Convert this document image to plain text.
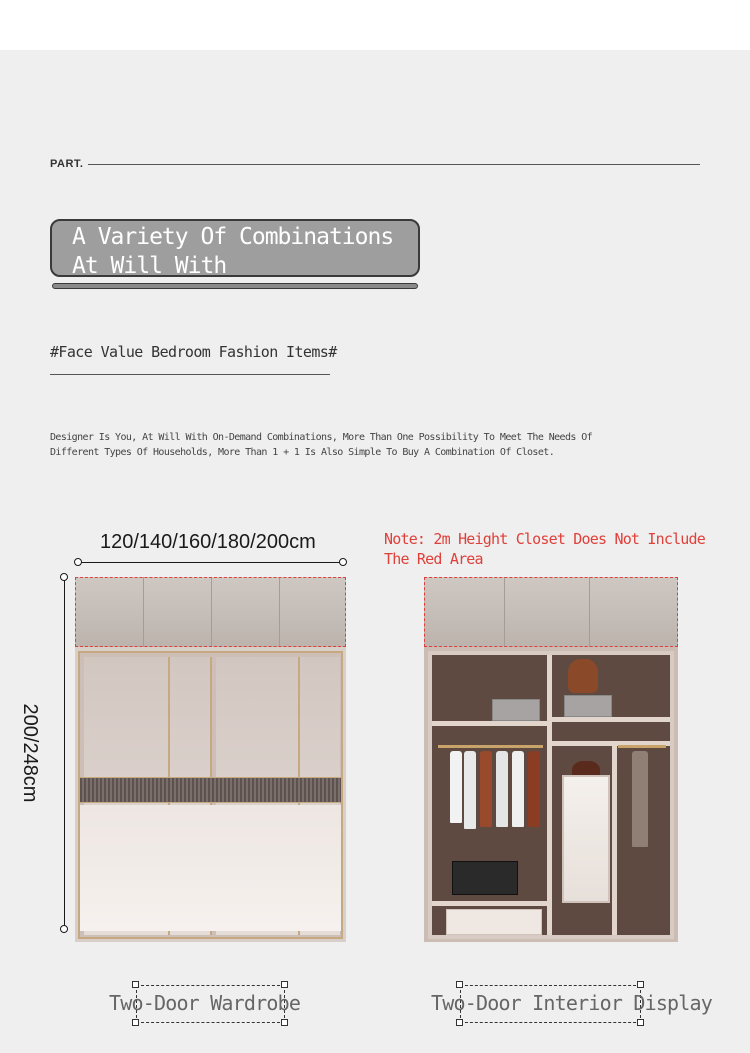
PART.
A Variety Of Combinations
At Will With
#Face Value Bedroom Fashion Items#
Designer Is You, At Will With On-Demand Combinations, More Than One Possibility To Meet The Needs Of
Different Types Of Households, More Than 1 + 1 Is Also Simple To Buy A Combination Of Closet.
120/140/160/180/200cm
200/248cm
Note: 2m Height Closet Does Not Include
The Red Area
Two-Door Wardrobe	Two-Door Interior Display
